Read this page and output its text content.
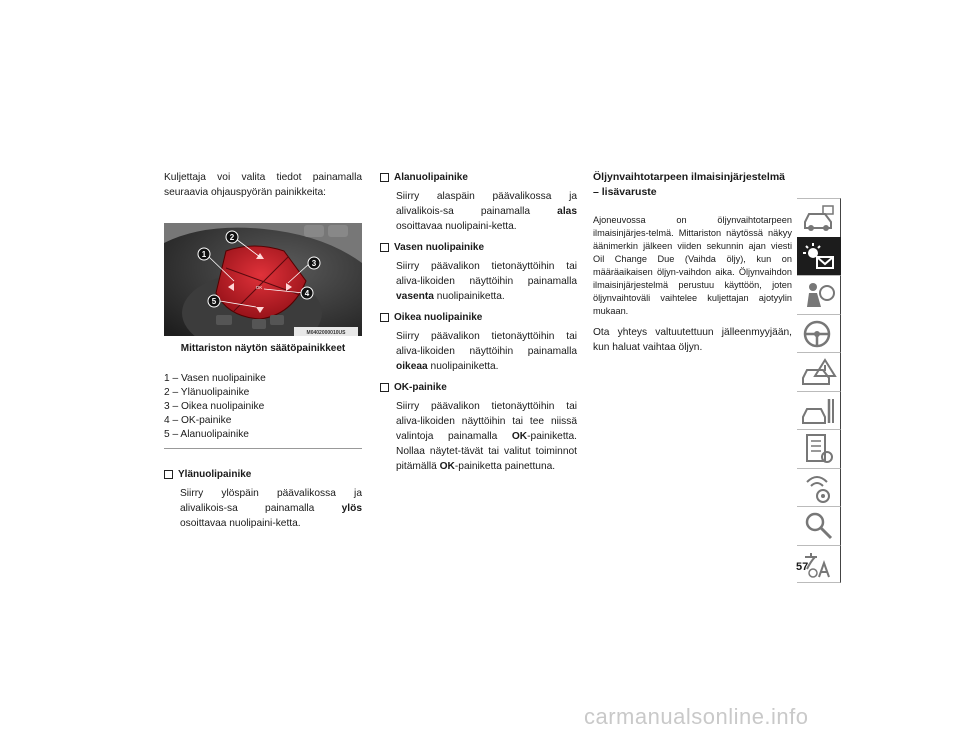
Kuljettaja voi valita tiedot painamalla seuraavia ohjauspyörän painikkeita:

1
2
3
4
5
OK
M0402000010US
Mittariston näytön säätöpainikkeet
1 – Vasen nuolipainike
2 – Ylänuolipainike
3 – Oikea nuolipainike
4 – OK-painike
5 – Alanuolipainike
Ylänuolipainike
Siirry ylöspäin päävalikossa ja alivalikois-sa painamalla ylös osoittavaa nuolipaini-ketta.
Alanuolipainike
Siirry alaspäin päävalikossa ja alivalikois-sa painamalla alas osoittavaa nuolipaini-ketta.
Vasen nuolipainike
Siirry päävalikon tietonäyttöihin tai aliva-likoiden näyttöihin painamalla vasenta nuolipainiketta.
Oikea nuolipainike
Siirry päävalikon tietonäyttöihin tai aliva-likoiden näyttöihin painamalla oikeaa nuolipainiketta.
OK-painike
Siirry päävalikon tietonäyttöihin tai aliva-likoiden näyttöihin tai tee niissä valintoja painamalla OK-painiketta. Nollaa näytet-tävät tai valitut toiminnot pitämällä OK-painiketta painettuna.

Öljynvaihtotarpeen ilmaisinjärjestelmä – lisävaruste

Ajoneuvossa on öljynvaihtotarpeen ilmaisinjärjes-telmä. Mittariston näytössä näkyy äänimerkin jälkeen viiden sekunnin ajan viesti Oil Change Due (Vaihda öljy), kun on määräaikaisen öljyn-vaihdon aika. Öljynvaihdon ilmaisinjärjestelmä perustuu käyttöön, joten öljynvaihtoväli vaihtelee kuljettajan ajotyylin mukaan.

Ota yhteys valtuutettuun jälleenmyyjään, kun haluat vaihtaa öljyn.

57
carmanualsonline.info
